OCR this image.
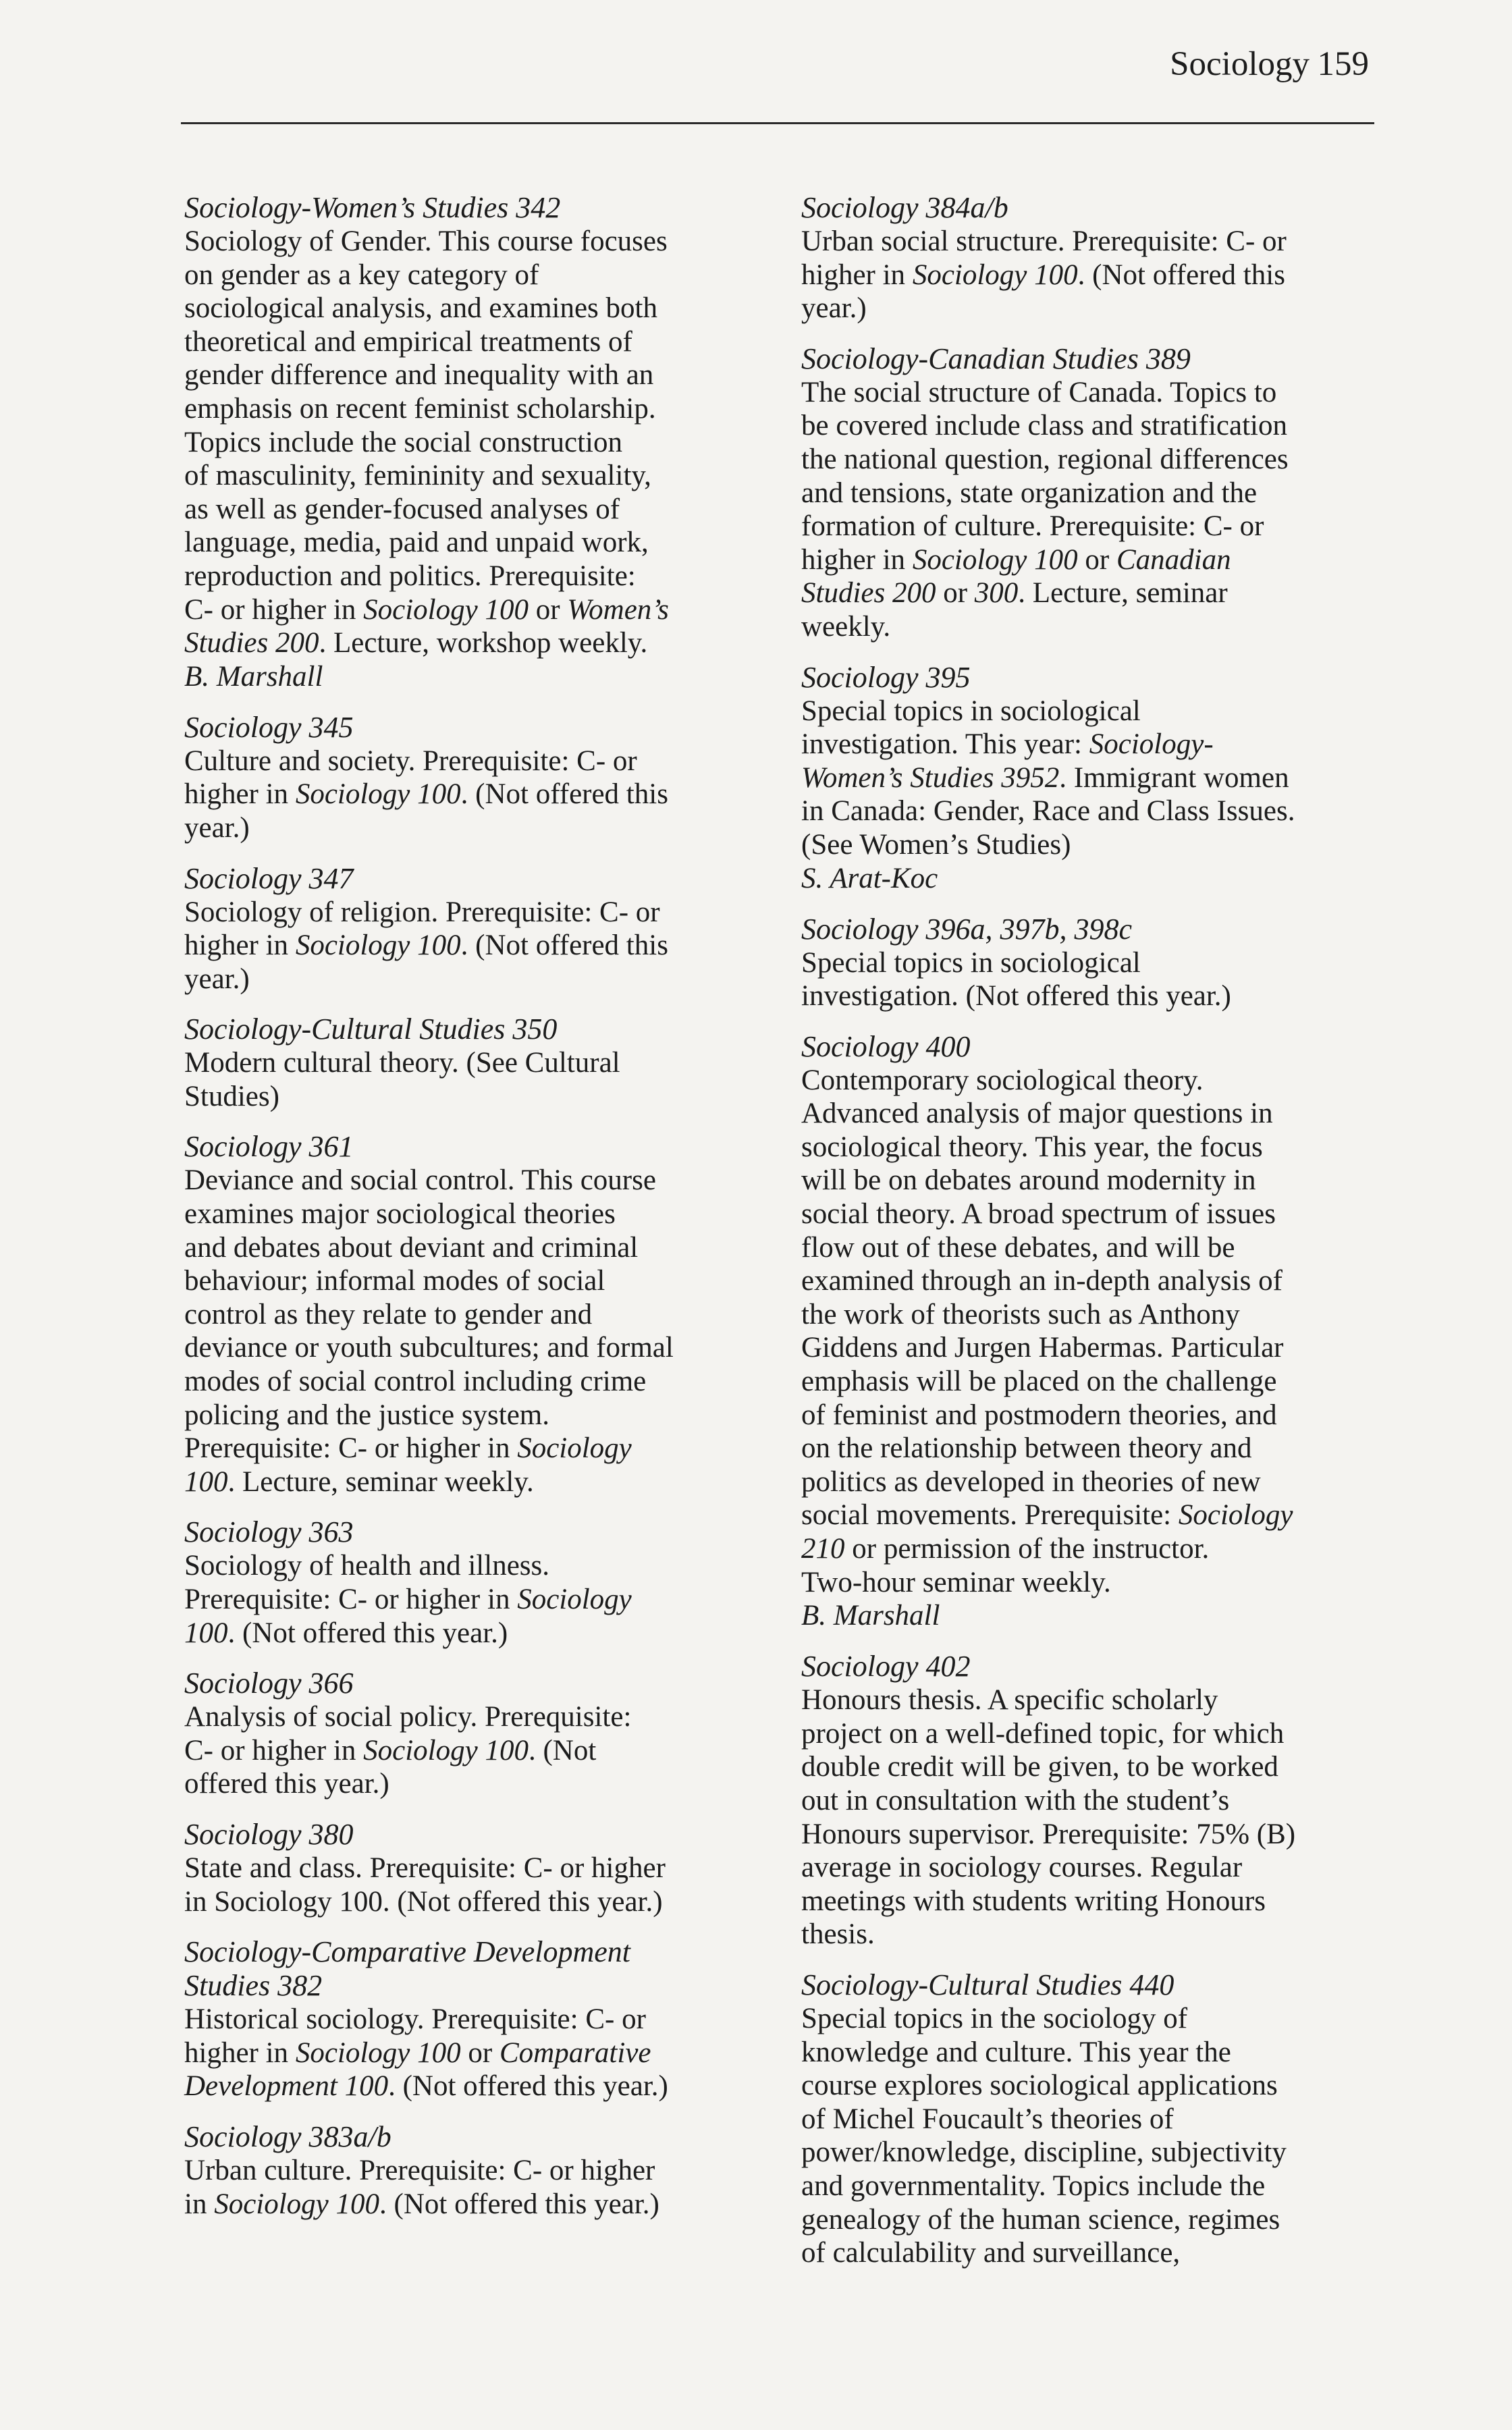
Sociology 159
Sociology-Women’s Studies 342
Sociology of Gender. This course focuses
on gender as a key category of
sociological analysis, and examines both
theoretical and empirical treatments of
gender difference and inequality with an
emphasis on recent feminist scholarship.
Topics include the social construction
of masculinity, femininity and sexuality,
as well as gender-focused analyses of
language, media, paid and unpaid work,
reproduction and politics. Prerequisite:
C- or higher in Sociology 100 or Women’s
Studies 200. Lecture, workshop weekly.
B. Marshall
Sociology 345
Culture and society. Prerequisite: C- or
higher in Sociology 100. (Not offered this
year.)
Sociology 347
Sociology of religion. Prerequisite: C- or
higher in Sociology 100. (Not offered this
year.)
Sociology-Cultural Studies 350
Modern cultural theory. (See Cultural
Studies)
Sociology 361
Deviance and social control. This course
examines major sociological theories
and debates about deviant and criminal
behaviour; informal modes of social
control as they relate to gender and
deviance or youth subcultures; and formal
modes of social control including crime
policing and the justice system.
Prerequisite: C- or higher in Sociology
100. Lecture, seminar weekly.
Sociology 363
Sociology of health and illness.
Prerequisite: C- or higher in Sociology
100. (Not offered this year.)
Sociology 366
Analysis of social policy. Prerequisite:
C- or higher in Sociology 100. (Not
offered this year.)
Sociology 380
State and class. Prerequisite: C- or higher
in Sociology 100. (Not offered this year.)
Sociology-Comparative Development
Studies 382
Historical sociology. Prerequisite: C- or
higher in Sociology 100 or Comparative
Development 100. (Not offered this year.)
Sociology 383a/b
Urban culture. Prerequisite: C- or higher
in Sociology 100. (Not offered this year.)
Sociology 384a/b
Urban social structure. Prerequisite: C- or
higher in Sociology 100. (Not offered this
year.)
Sociology-Canadian Studies 389
The social structure of Canada. Topics to
be covered include class and stratification
the national question, regional differences
and tensions, state organization and the
formation of culture. Prerequisite: C- or
higher in Sociology 100 or Canadian
Studies 200 or 300. Lecture, seminar
weekly.
Sociology 395
Special topics in sociological
investigation. This year: Sociology-
Women’s Studies 3952. Immigrant women
in Canada: Gender, Race and Class Issues.
(See Women’s Studies)
S. Arat-Koc
Sociology 396a, 397b, 398c
Special topics in sociological
investigation. (Not offered this year.)
Sociology 400
Contemporary sociological theory.
Advanced analysis of major questions in
sociological theory. This year, the focus
will be on debates around modernity in
social theory. A broad spectrum of issues
flow out of these debates, and will be
examined through an in-depth analysis of
the work of theorists such as Anthony
Giddens and Jurgen Habermas. Particular
emphasis will be placed on the challenge
of feminist and postmodern theories, and
on the relationship between theory and
politics as developed in theories of new
social movements. Prerequisite: Sociology
210 or permission of the instructor.
Two-hour seminar weekly.
B. Marshall
Sociology 402
Honours thesis. A specific scholarly
project on a well-defined topic, for which
double credit will be given, to be worked
out in consultation with the student’s
Honours supervisor. Prerequisite: 75% (B)
average in sociology courses. Regular
meetings with students writing Honours
thesis.
Sociology-Cultural Studies 440
Special topics in the sociology of
knowledge and culture. This year the
course explores sociological applications
of Michel Foucault’s theories of
power/knowledge, discipline, subjectivity
and governmentality. Topics include the
genealogy of the human science, regimes
of calculability and surveillance,
